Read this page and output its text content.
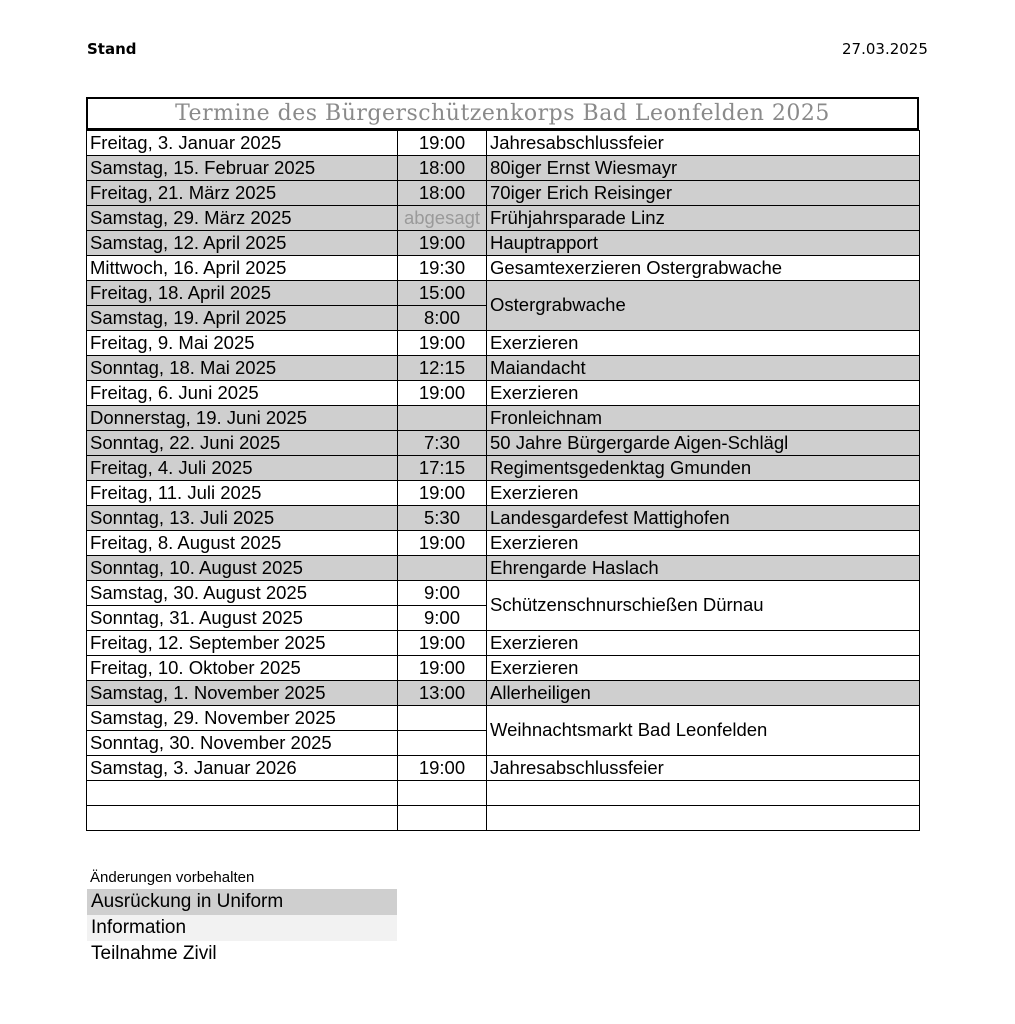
Stand	27.03.2025
Termine des Bürgerschützenkorps Bad Leonfelden 2025
Freitag, 3. Januar 2025	19:00	Jahresabschlussfeier
Samstag, 15. Februar 2025	18:00	80iger Ernst Wiesmayr
Freitag, 21. März 2025	18:00	70iger Erich Reisinger
Samstag, 29. März 2025	abgesagt	Frühjahrsparade Linz
Samstag, 12. April 2025	19:00	Hauptrapport
Mittwoch, 16. April 2025	19:30	Gesamtexerzieren Ostergrabwache
Freitag, 18. April 2025	15:00	Ostergrabwache
Samstag, 19. April 2025	8:00	
Freitag, 9. Mai 2025	19:00	Exerzieren
Sonntag, 18. Mai 2025	12:15	Maiandacht
Freitag, 6. Juni 2025	19:00	Exerzieren
Donnerstag, 19. Juni 2025		Fronleichnam
Sonntag, 22. Juni 2025	7:30	50 Jahre Bürgergarde Aigen-Schlägl
Freitag, 4. Juli 2025	17:15	Regimentsgedenktag Gmunden
Freitag, 11. Juli 2025	19:00	Exerzieren
Sonntag, 13. Juli 2025	5:30	Landesgardefest Mattighofen
Freitag, 8. August 2025	19:00	Exerzieren
Sonntag, 10. August 2025		Ehrengarde Haslach
Samstag, 30. August 2025	9:00	Schützenschnurschießen Dürnau
Sonntag, 31. August 2025	9:00	
Freitag, 12. September 2025	19:00	Exerzieren
Freitag, 10. Oktober 2025	19:00	Exerzieren
Samstag, 1. November 2025	13:00	Allerheiligen
Samstag, 29. November 2025		Weihnachtsmarkt Bad Leonfelden
Sonntag, 30. November 2025		
Samstag, 3. Januar 2026	19:00	Jahresabschlussfeier

Änderungen vorbehalten
Ausrückung in Uniform
Information
Teilnahme Zivil
